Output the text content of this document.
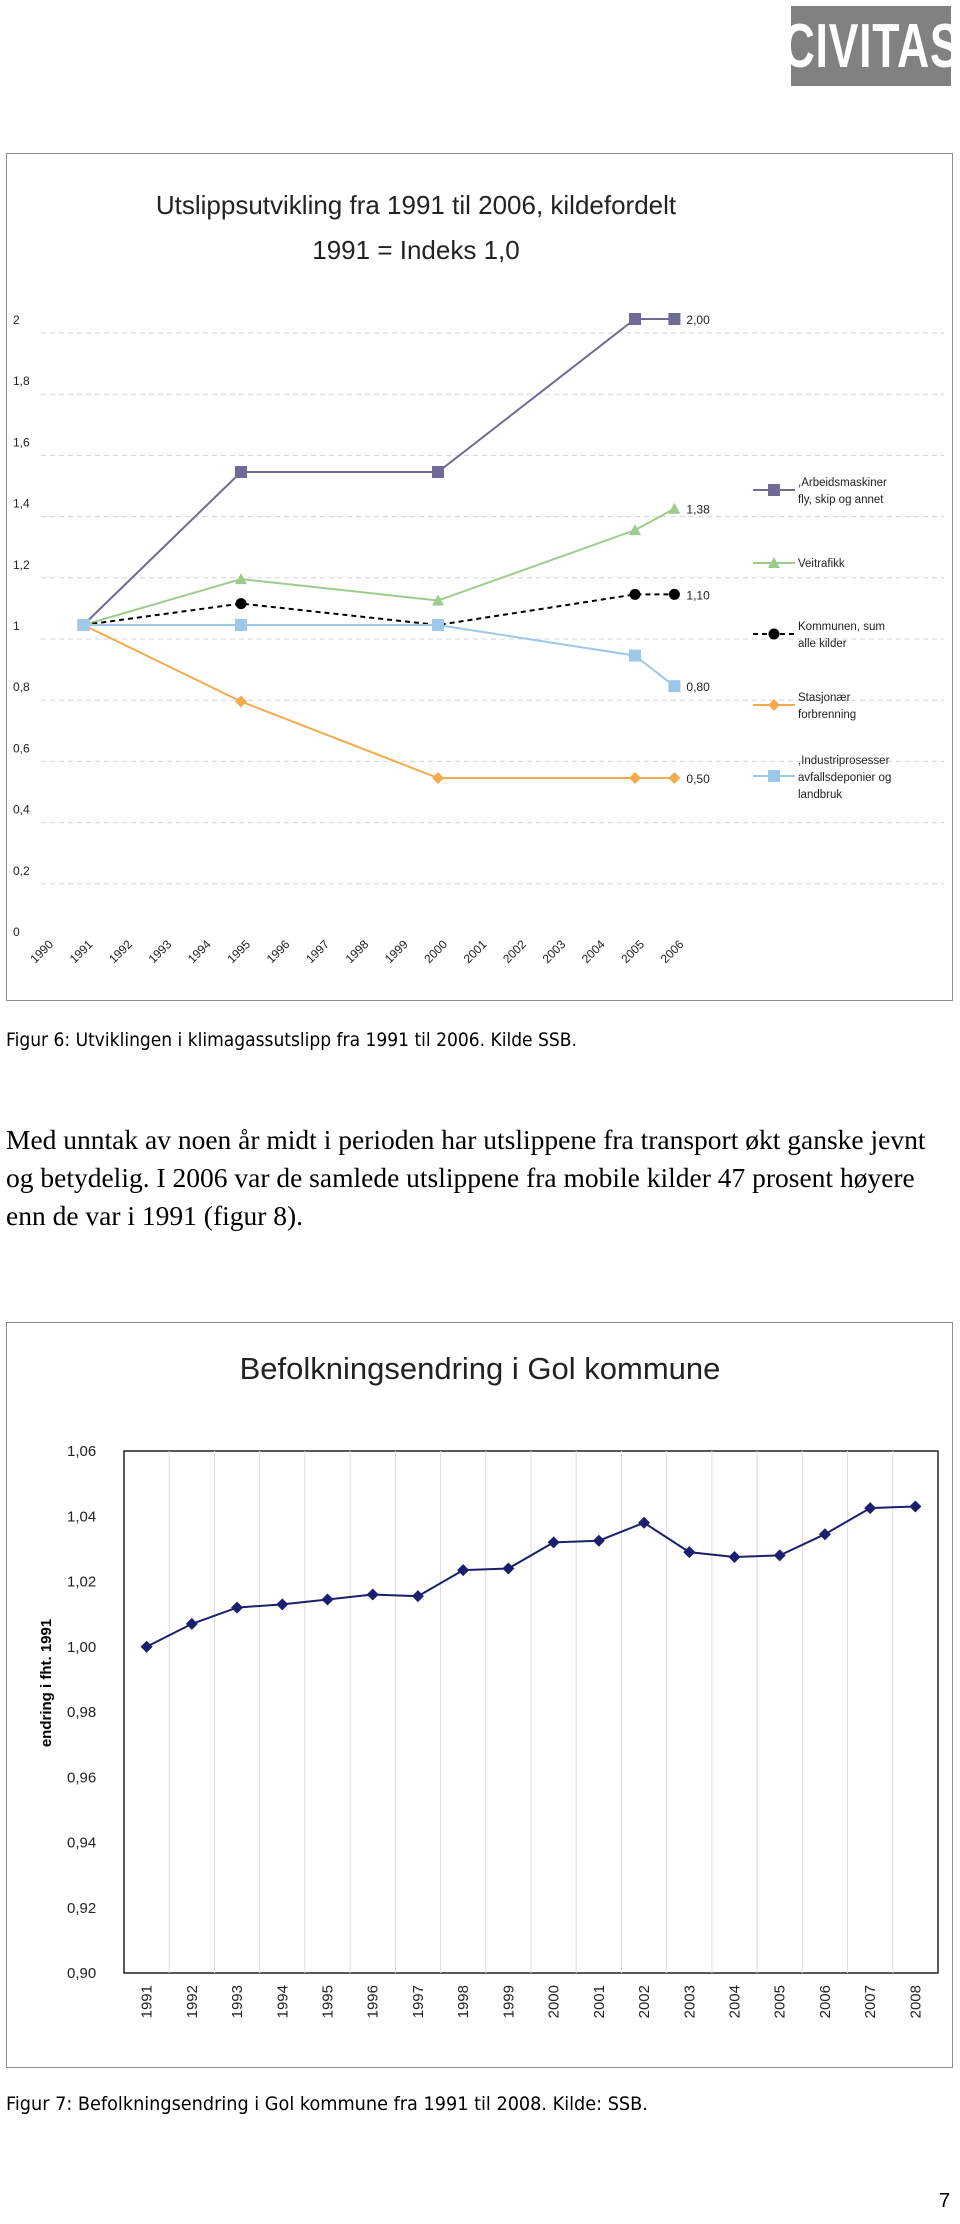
CIVITAS
Utslippsutvikling fra 1991 til 2006, kildefordelt
1991 = Indeks 1,0
0
0,2
0,4
0,6
0,8
1
1,2
1,4
1,6
1,8
2
1990 1991 1992 1993 1994 1995 1996 1997 1998 1999 2000 2001 2002 2003 2004 2005 2006
2,00
1,38
1,10
0,50
0,80
,Arbeidsmaskiner
fly, skip og annet
Veitrafikk
Kommunen, sum
alle kilder
Stasjonær
forbrenning
,Industriprosesser
avfallsdeponier og
landbruk
Figur 6: Utviklingen i klimagassutslipp fra 1991 til 2006. Kilde SSB.
Med unntak av noen år midt i perioden har utslippene fra transport økt ganske jevnt og betydelig. I 2006 var de samlede utslippene fra mobile kilder 47 prosent høyere enn de var i 1991 (figur 8).
Befolkningsendring i Gol kommune
0,90
0,92
0,94
0,96
0,98
1,00
1,02
1,04
1,06
1991 1992 1993 1994 1995 1996 1997 1998 1999 2000 2001 2002 2003 2004 2005 2006 2007 2008
endring i fht. 1991
Figur 7: Befolkningsendring i Gol kommune fra 1991 til 2008. Kilde: SSB.
7
